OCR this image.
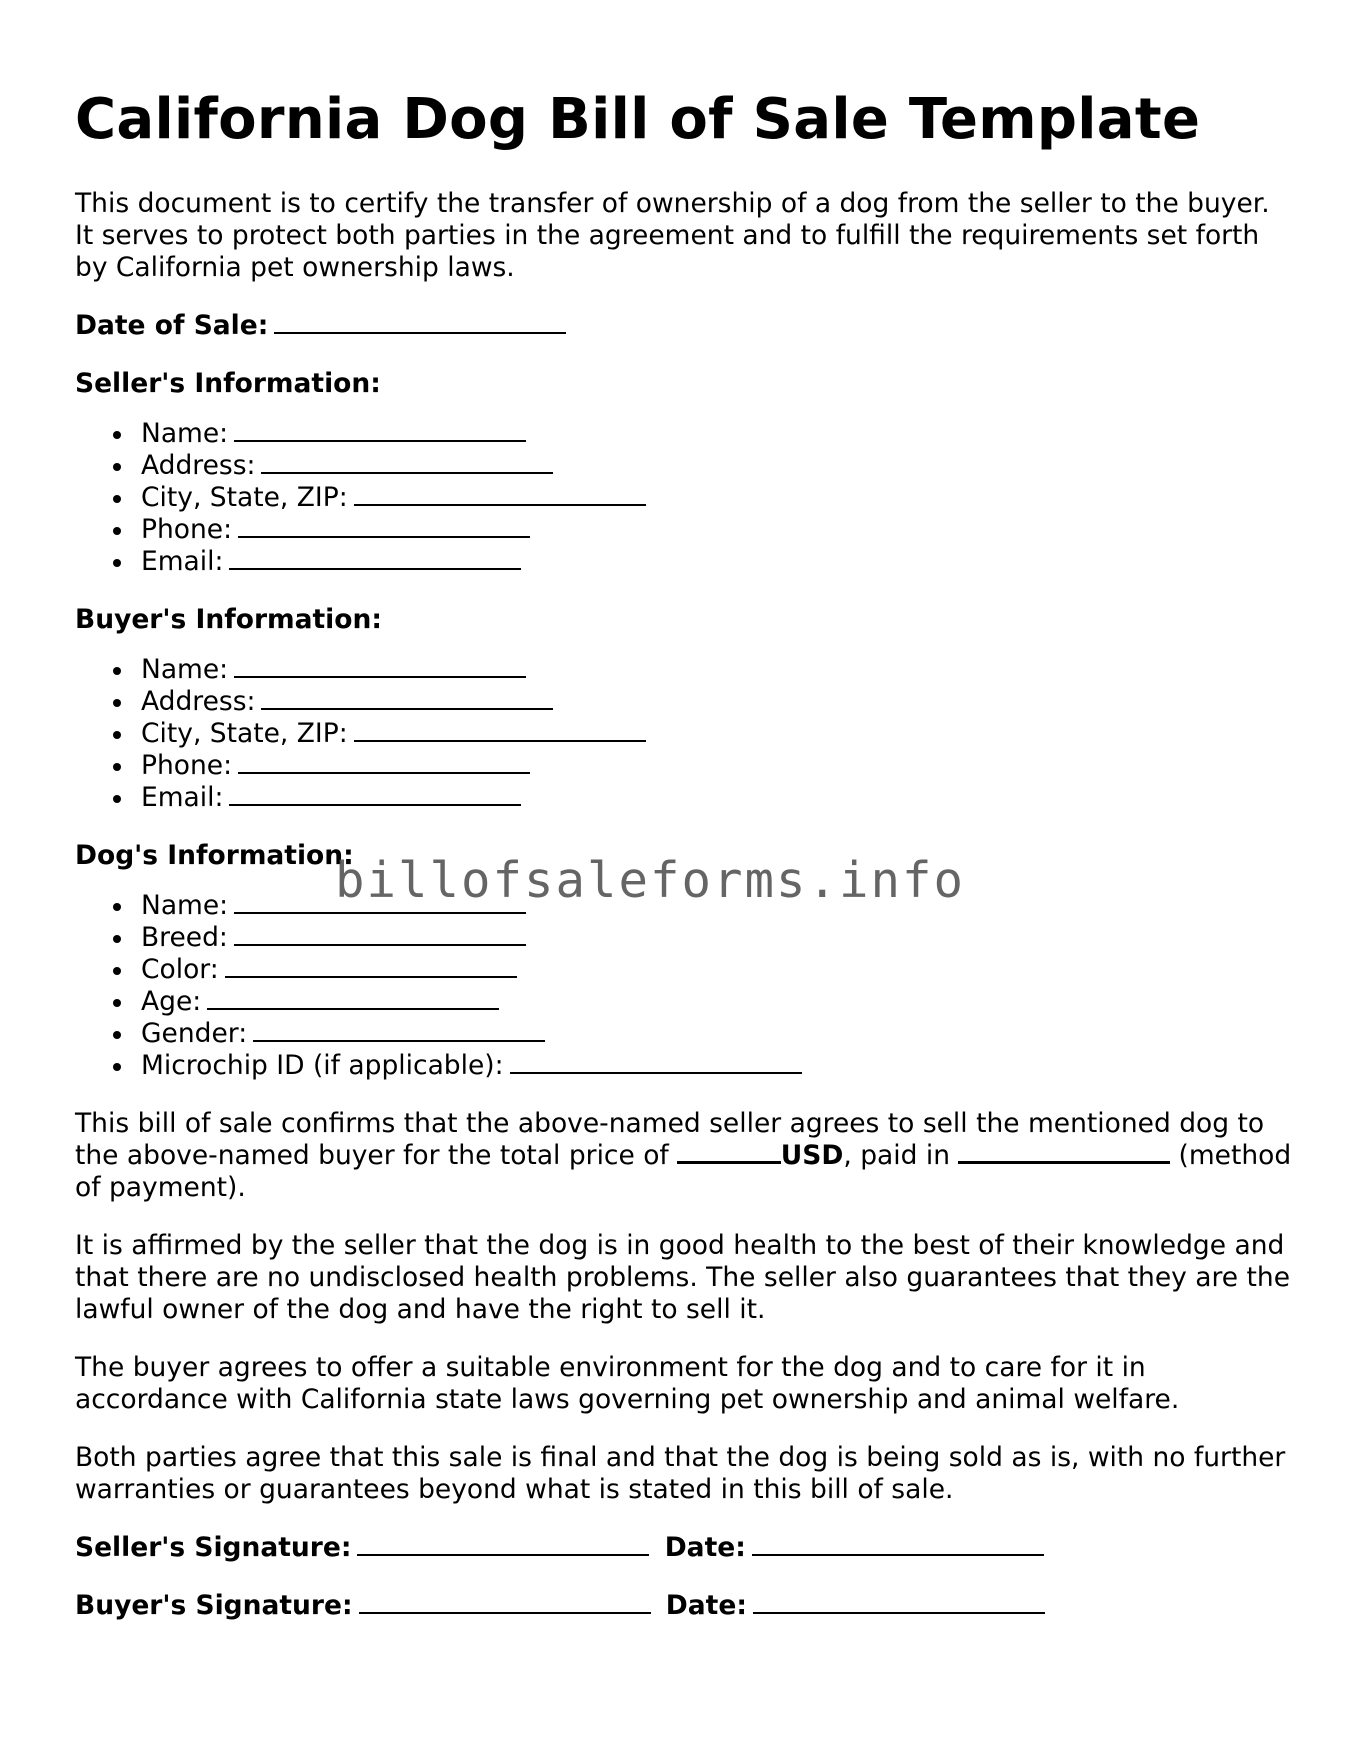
California Dog Bill of Sale Template

This document is to certify the transfer of ownership of a dog from the seller to the buyer. It serves to protect both parties in the agreement and to fulfill the requirements set forth by California pet ownership laws.

Date of Sale:
Seller's Information:
Name:
Address:
City, State, ZIP:
Phone:
Email:
Buyer's Information:
Name:
Address:
City, State, ZIP:
Phone:
Email:
Dog's Information:
Name:
Breed:
Color:
Age:
Gender:
Microchip ID (if applicable):

This bill of sale confirms that the above-named seller agrees to sell the mentioned dog to the above-named buyer for the total price of	USD, paid in	(method of payment).

It is affirmed by the seller that the dog is in good health to the best of their knowledge and that there are no undisclosed health problems. The seller also guarantees that they are the lawful owner of the dog and have the right to sell it.

The buyer agrees to offer a suitable environment for the dog and to care for it in accordance with California state laws governing pet ownership and animal welfare.

Both parties agree that this sale is final and that the dog is being sold as is, with no further warranties or guarantees beyond what is stated in this bill of sale.

Seller's Signature:	Date:
Buyer's Signature:	Date:
billofsaleforms.info
